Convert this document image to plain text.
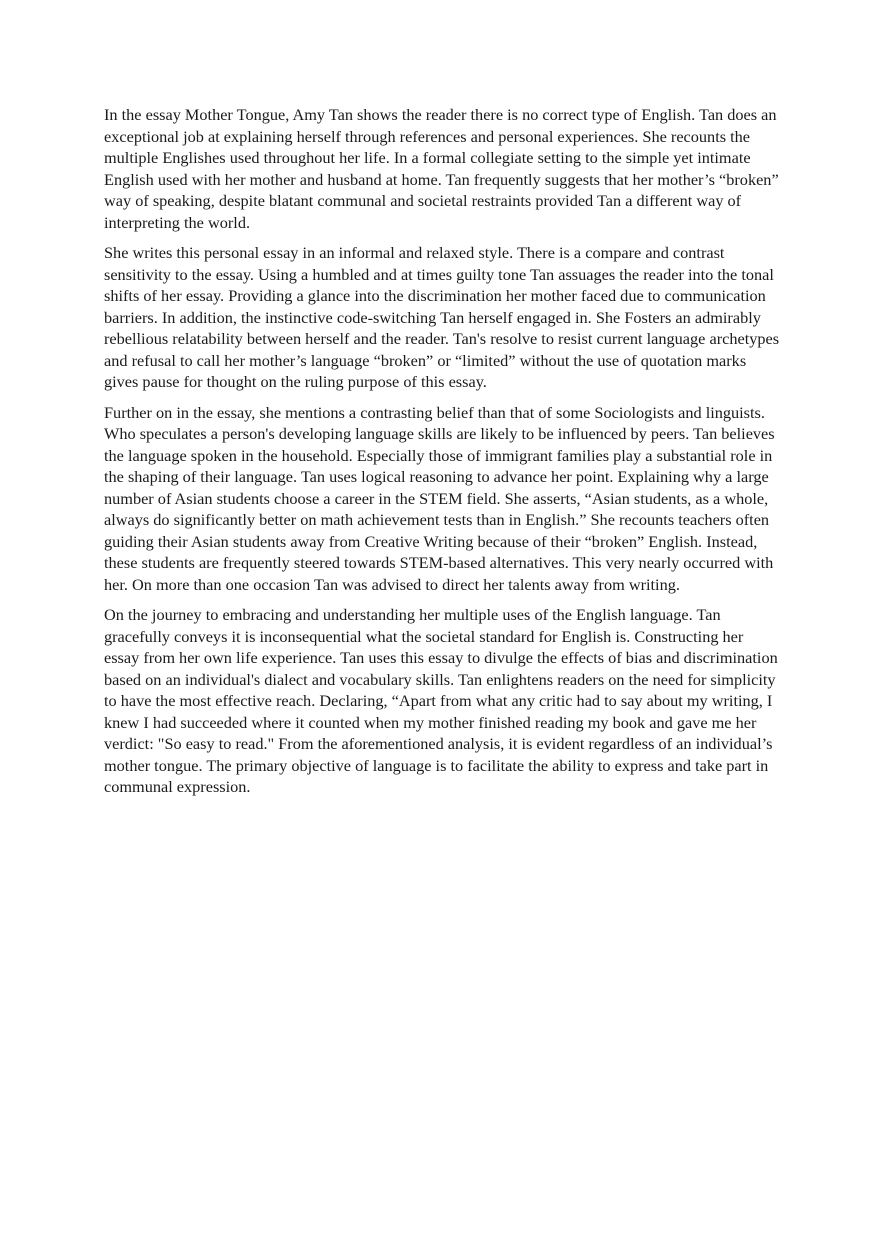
In the essay Mother Tongue, Amy Tan shows the reader there is no correct type of English. Tan does an exceptional job at explaining herself through references and personal experiences. She recounts the multiple Englishes used throughout her life. In a formal collegiate setting to the simple yet intimate English used with her mother and husband at home. Tan frequently suggests that her mother’s “broken” way of speaking, despite blatant communal and societal restraints provided Tan a different way of interpreting the world.

She writes this personal essay in an informal and relaxed style. There is a compare and contrast sensitivity to the essay. Using a humbled and at times guilty tone Tan assuages the reader into the tonal shifts of her essay. Providing a glance into the discrimination her mother faced due to communication barriers. In addition, the instinctive code-switching Tan herself engaged in. She Fosters an admirably rebellious relatability between herself and the reader. Tan's resolve to resist current language archetypes and refusal to call her mother’s language “broken” or “limited” without the use of quotation marks gives pause for thought on the ruling purpose of this essay.

Further on in the essay, she mentions a contrasting belief than that of some Sociologists and linguists. Who speculates a person's developing language skills are likely to be influenced by peers. Tan believes the language spoken in the household. Especially those of immigrant families play a substantial role in the shaping of their language. Tan uses logical reasoning to advance her point. Explaining why a large number of Asian students choose a career in the STEM field. She asserts, “Asian students, as a whole, always do significantly better on math achievement tests than in English.” She recounts teachers often guiding their Asian students away from Creative Writing because of their “broken” English. Instead, these students are frequently steered towards STEM-based alternatives. This very nearly occurred with her. On more than one occasion Tan was advised to direct her talents away from writing.

On the journey to embracing and understanding her multiple uses of the English language. Tan gracefully conveys it is inconsequential what the societal standard for English is. Constructing her essay from her own life experience. Tan uses this essay to divulge the effects of bias and discrimination based on an individual's dialect and vocabulary skills. Tan enlightens readers on the need for simplicity to have the most effective reach. Declaring, “Apart from what any critic had to say about my writing, I knew I had succeeded where it counted when my mother finished reading my book and gave me her verdict: "So easy to read." From the aforementioned analysis, it is evident regardless of an individual’s mother tongue. The primary objective of language is to facilitate the ability to express and take part in communal expression.
